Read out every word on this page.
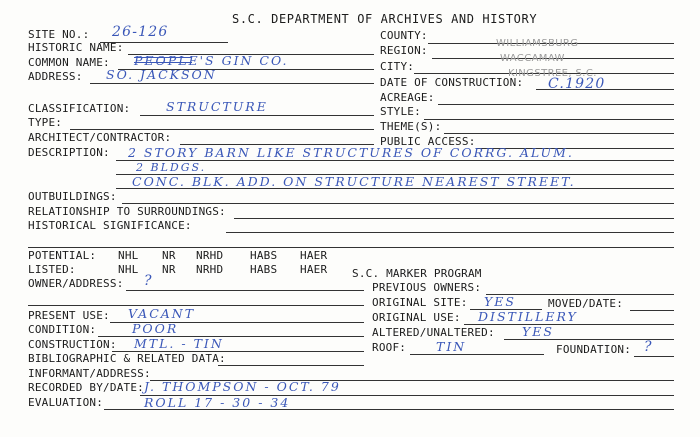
S.C. DEPARTMENT OF ARCHIVES AND HISTORY
SITE NO.: 26-126
HISTORIC NAME:
COMMON NAME: PEOPLE'S GIN CO.
ADDRESS: SO. JACKSON
COUNTY:
WILLIAMSBURG
REGION:
WACCAMAW
CITY:
KINGSTREE, S.C.
DATE OF CONSTRUCTION: C.1920
ACREAGE:
STYLE:
THEME(S):
PUBLIC ACCESS:
CLASSIFICATION:	STRUCTURE
TYPE:
ARCHITECT/CONTRACTOR:
DESCRIPTION: 2 STORY BARN LIKE STRUCTURES OF CORRG. ALUM.
2 BLDGS.
CONC. BLK. ADD. ON STRUCTURE NEAREST STREET.
OUTBUILDINGS:
RELATIONSHIP TO SURROUNDINGS:
HISTORICAL SIGNIFICANCE:
POTENTIAL: NHL NR NRHD HABS HAER
LISTED:	NHL NR NRHD HABS HAER S.C. MARKER PROGRAM
OWNER/ADDRESS: ?	PREVIOUS OWNERS:
ORIGINAL SITE: YES	MOVED/DATE:
ORIGINAL USE: DISTILLERY
ALTERED/UNALTERED: YES
ROOF: TIN	FOUNDATION: ?
PRESENT USE: VACANT
CONDITION:	POOR
CONSTRUCTION: MTL. - TIN
BIBLIOGRAPHIC & RELATED DATA:
INFORMANT/ADDRESS:
RECORDED BY/DATE: J. THOMPSON - OCT. 79
EVALUATION:	ROLL 17 - 30 - 34
